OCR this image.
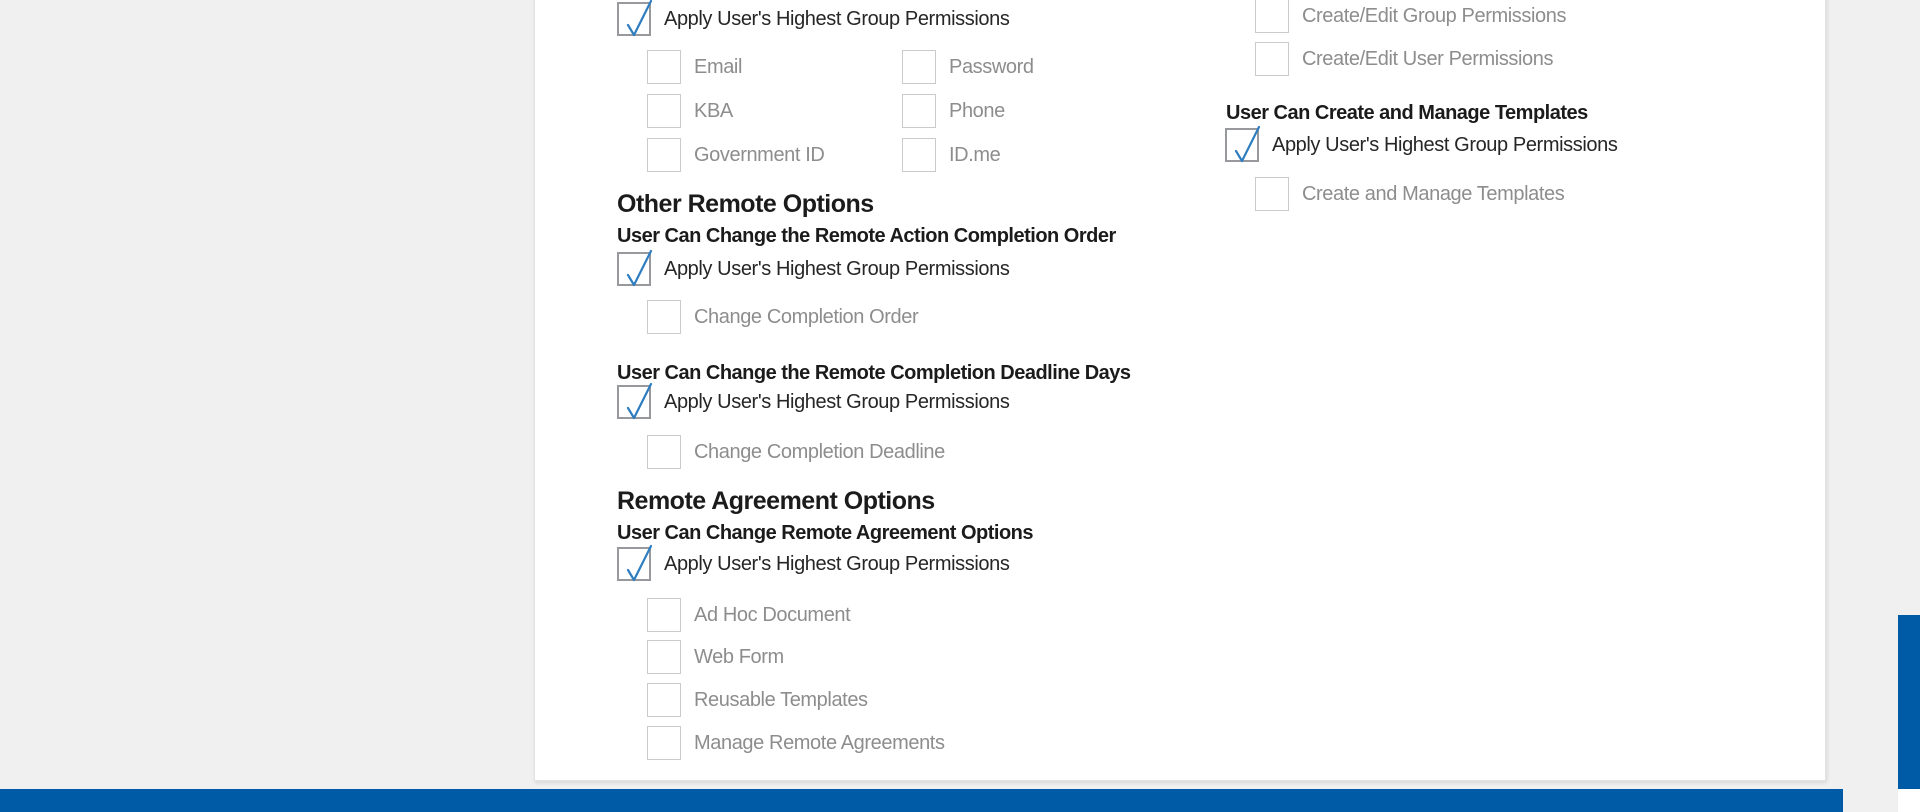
Apply User's Highest Group Permissions
Email	Password
KBA	Phone
Government ID	ID.me
Other Remote Options
User Can Change the Remote Action Completion Order
Apply User's Highest Group Permissions
Change Completion Order
User Can Change the Remote Completion Deadline Days
Apply User's Highest Group Permissions
Change Completion Deadline
Remote Agreement Options
User Can Change Remote Agreement Options
Apply User's Highest Group Permissions
Ad Hoc Document
Web Form
Reusable Templates
Manage Remote Agreements
Create/Edit Group Permissions
Create/Edit User Permissions
User Can Create and Manage Templates
Apply User's Highest Group Permissions
Create and Manage Templates
